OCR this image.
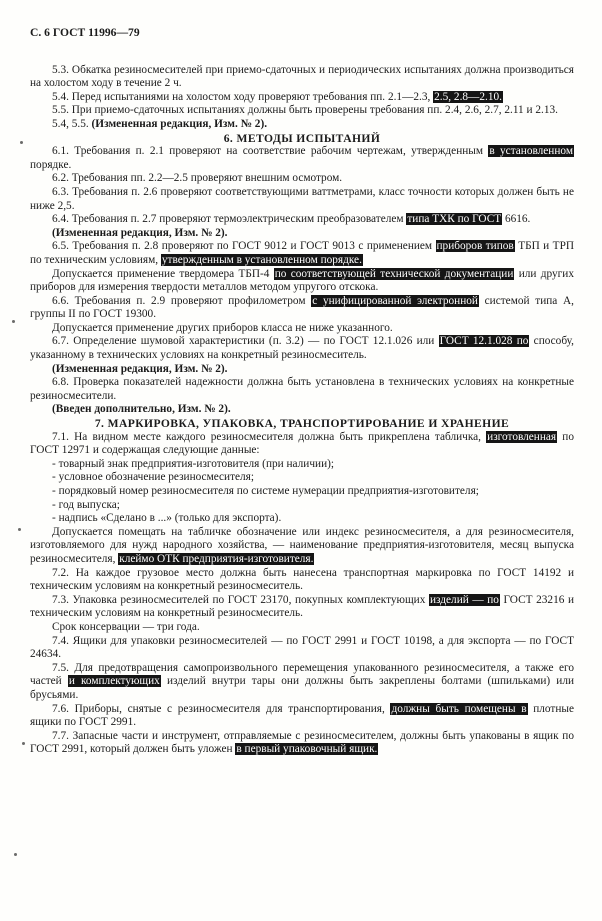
С. 6 ГОСТ 11996—79

5.3. Обкатка резиносмесителей при приемо-сдаточных и периодических испытаниях должна производиться на холостом ходу в течение 2 ч.

5.4. Перед испытаниями на холостом ходу проверяют требования пп. 2.1—2.3, 2.5, 2.8—2.10.

5.5. При приемо-сдаточных испытаниях должны быть проверены требования пп. 2.4, 2.6, 2.7, 2.11 и 2.13.

5.4, 5.5. (Измененная редакция, Изм. № 2).

6. МЕТОДЫ ИСПЫТАНИЙ

6.1. Требования п. 2.1 проверяют на соответствие рабочим чертежам, утвержденным в установленном порядке.

6.2. Требования пп. 2.2—2.5 проверяют внешним осмотром.

6.3. Требования п. 2.6 проверяют соответствующими ваттметрами, класс точности которых должен быть не ниже 2,5.

6.4. Требования п. 2.7 проверяют термоэлектрическим преобразователем типа ТХК по ГОСТ 6616.

(Измененная редакция, Изм. № 2).

6.5. Требования п. 2.8 проверяют по ГОСТ 9012 и ГОСТ 9013 с применением приборов типов ТБП и ТРП по техническим условиям, утвержденным в установленном порядке.

Допускается применение твердомера ТБП-4 по соответствующей технической документации или других приборов для измерения твердости металлов методом упругого отскока.

6.6. Требования п. 2.9 проверяют профилометром с унифицированной электронной системой типа А, группы II по ГОСТ 19300.

Допускается применение других приборов класса не ниже указанного.

6.7. Определение шумовой характеристики (п. 3.2) — по ГОСТ 12.1.026 или ГОСТ 12.1.028 по способу, указанному в технических условиях на конкретный резиносмеситель.

(Измененная редакция, Изм. № 2).

6.8. Проверка показателей надежности должна быть установлена в технических условиях на конкретные резиносмесители.

(Введен дополнительно, Изм. № 2).

7. МАРКИРОВКА, УПАКОВКА, ТРАНСПОРТИРОВАНИЕ И ХРАНЕНИЕ

7.1. На видном месте каждого резиносмесителя должна быть прикреплена табличка, изготовленная по ГОСТ 12971 и содержащая следующие данные:

- товарный знак предприятия-изготовителя (при наличии);

- условное обозначение резиносмесителя;

- порядковый номер резиносмесителя по системе нумерации предприятия-изготовителя;

- год выпуска;

- надпись «Сделано в ...» (только для экспорта).

Допускается помещать на табличке обозначение или индекс резиносмесителя, а для резиносмесителя, изготовляемого для нужд народного хозяйства, — наименование предприятия-изготовителя, месяц выпуска резиносмесителя, клеймо ОТК предприятия-изготовителя.

7.2. На каждое грузовое место должна быть нанесена транспортная маркировка по ГОСТ 14192 и техническим условиям на конкретный резиносмеситель.

7.3. Упаковка резиносмесителей по ГОСТ 23170, покупных комплектующих изделий — по ГОСТ 23216 и техническим условиям на конкретный резиносмеситель.

Срок консервации — три года.

7.4. Ящики для упаковки резиносмесителей — по ГОСТ 2991 и ГОСТ 10198, а для экспорта — по ГОСТ 24634.

7.5. Для предотвращения самопроизвольного перемещения упакованного резиносмесителя, а также его частей и комплектующих изделий внутри тары они должны быть закреплены болтами (шпильками) или брусьями.

7.6. Приборы, снятые с резиносмесителя для транспортирования, должны быть помещены в плотные ящики по ГОСТ 2991.

7.7. Запасные части и инструмент, отправляемые с резиносмесителем, должны быть упакованы в ящик по ГОСТ 2991, который должен быть уложен в первый упаковочный ящик.
